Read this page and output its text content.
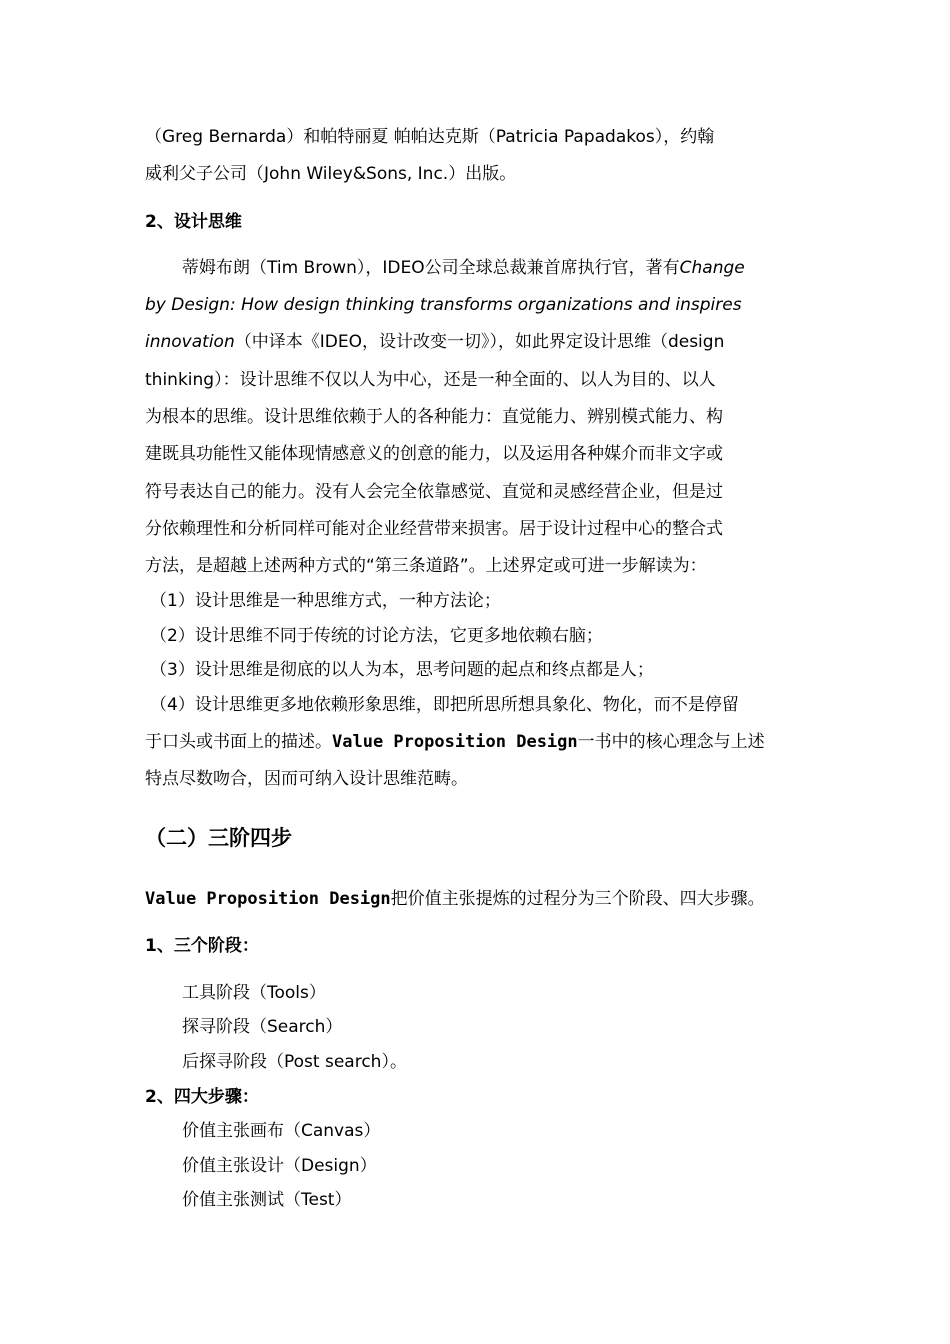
（Greg Bernarda）和帕特丽夏 帕帕达克斯（Patricia Papadakos），约翰
威利父子公司（John Wiley&Sons, Inc.）出版。
2、设计思维
蒂姆布朗（Tim Brown），IDEO公司全球总裁兼首席执行官，著有Change
by Design: How design thinking transforms organizations and inspires
innovation（中译本《IDEO，设计改变一切》），如此界定设计思维（design
thinking）：设计思维不仅以人为中心，还是一种全面的、以人为目的、以人
为根本的思维。设计思维依赖于人的各种能力：直觉能力、辨别模式能力、构
建既具功能性又能体现情感意义的创意的能力，以及运用各种媒介而非文字或
符号表达自己的能力。没有人会完全依靠感觉、直觉和灵感经营企业，但是过
分依赖理性和分析同样可能对企业经营带来损害。居于设计过程中心的整合式
方法，是超越上述两种方式的“第三条道路”。上述界定或可进一步解读为：
（1）设计思维是一种思维方式，一种方法论；
（2）设计思维不同于传统的讨论方法，它更多地依赖右脑；
（3）设计思维是彻底的以人为本，思考问题的起点和终点都是人；
（4）设计思维更多地依赖形象思维，即把所思所想具象化、物化，而不是停留
于口头或书面上的描述。Value Proposition Design一书中的核心理念与上述
特点尽数吻合，因而可纳入设计思维范畴。
（二）三阶四步
Value Proposition Design把价值主张提炼的过程分为三个阶段、四大步骤。
1、三个阶段：
工具阶段（Tools）
探寻阶段（Search）
后探寻阶段（Post search）。
2、四大步骤：
价值主张画布（Canvas）
价值主张设计（Design）
价值主张测试（Test）
